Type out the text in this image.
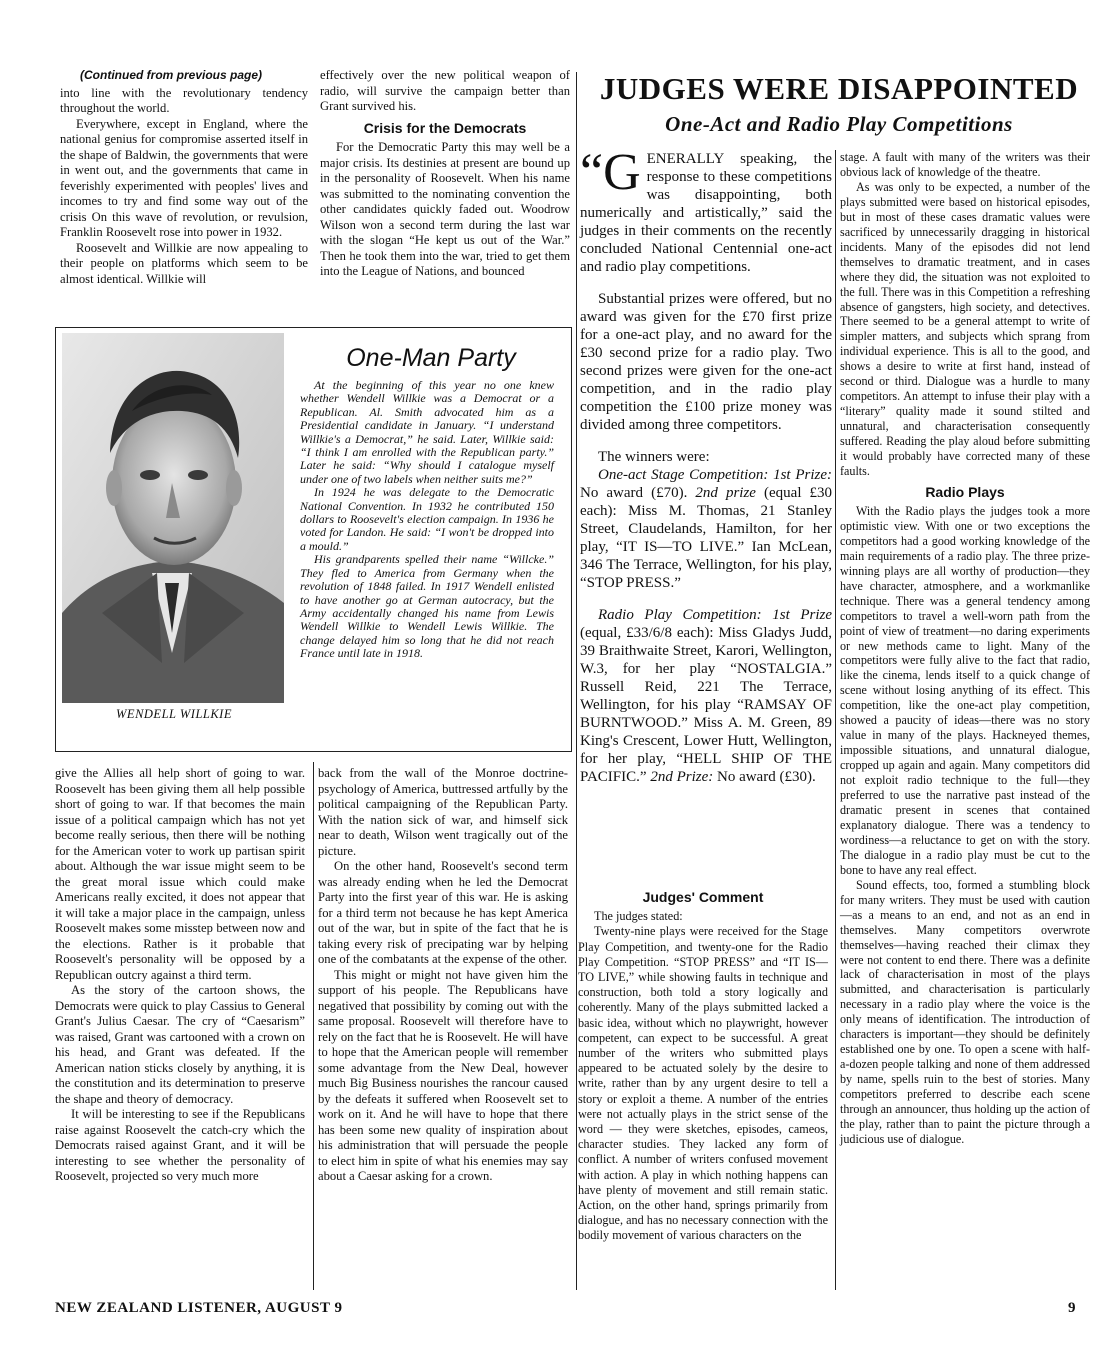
(Continued from previous page)

into line with the revolutionary tendency throughout the world.

Everywhere, except in England, where the national genius for compromise asserted itself in the shape of Baldwin, the governments that were in went out, and the governments that came in feverishly experimented with peoples' lives and incomes to try and find some way out of the crisis On this wave of revolution, or revulsion, Franklin Roosevelt rose into power in 1932.

Roosevelt and Willkie are now appealing to their people on platforms which seem to be almost identical. Willkie will

effectively over the new political weapon of radio, will survive the campaign better than Grant survived his.

Crisis for the Democrats

For the Democratic Party this may well be a major crisis. Its destinies at present are bound up in the personality of Roosevelt. When his name was submitted to the nominating convention the other candidates quickly faded out. Woodrow Wilson won a second term during the last war with the slogan “He kept us out of the War.” Then he took them into the war, tried to get them into the League of Nations, and bounced

WENDELL WILLKIE
One-Man Party

At the beginning of this year no one knew whether Wendell Willkie was a Democrat or a Republican. Al. Smith advocated him as a Presidential candidate in January. “I understand Willkie's a Democrat,” he said. Later, Willkie said: “I think I am enrolled with the Republican party.” Later he said: “Why should I catalogue myself under one of two labels when neither suits me?”

In 1924 he was delegate to the Democratic National Convention. In 1932 he contributed 150 dollars to Roosevelt's election campaign. In 1936 he voted for Landon. He said: “I won't be dropped into a mould.”

His grandparents spelled their name “Willcke.” They fled to America from Germany when the revolution of 1848 failed. In 1917 Wendell enlisted to have another go at German autocracy, but the Army accidentally changed his name from Lewis Wendell Willkie to Wendell Lewis Willkie. The change delayed him so long that he did not reach France until late in 1918.

give the Allies all help short of going to war. Roosevelt has been giving them all help possible short of going to war. If that becomes the main issue of a political campaign which has not yet become really serious, then there will be nothing for the American voter to work up partisan spirit about. Although the war issue might seem to be the great moral issue which could make Americans really excited, it does not appear that it will take a major place in the campaign, unless Roosevelt makes some misstep between now and the elections. Rather is it probable that Roosevelt's personality will be opposed by a Republican outcry against a third term.

As the story of the cartoon shows, the Democrats were quick to play Cassius to General Grant's Julius Caesar. The cry of “Caesarism” was raised, Grant was cartooned with a crown on his head, and Grant was defeated. If the American nation sticks closely by anything, it is the constitution and its determination to preserve the shape and theory of democracy.

It will be interesting to see if the Republicans raise against Roosevelt the catch-cry which the Democrats raised against Grant, and it will be interesting to see whether the personality of Roosevelt, projected so very much more

back from the wall of the Monroe doctrine-psychology of America, buttressed artfully by the political campaigning of the Republican Party. With the nation sick of war, and himself sick near to death, Wilson went tragically out of the picture.

On the other hand, Roosevelt's second term was already ending when he led the Democrat Party into the first year of this war. He is asking for a third term not because he has kept America out of the war, but in spite of the fact that he is taking every risk of precipating war by helping one of the combatants at the expense of the other.

This might or might not have given him the support of his people. The Republicans have negatived that possibility by coming out with the same proposal. Roosevelt will therefore have to rely on the fact that he is Roosevelt. He will have to hope that the American people will remember some advantage from the New Deal, however much Big Business nourishes the rancour caused by the defeats it suffered when Roosevelt set to work on it. And he will have to hope that there has been some new quality of inspiration about his administration that will persuade the people to elect him in spite of what his enemies may say about a Caesar asking for a crown.

JUDGES WERE DISAPPOINTED
One-Act and Radio Play Competitions

“GENERALLY speaking, the response to these competitions was disappointing, both numerically and artistically,” said the judges in their comments on the recently concluded National Centennial one-act and radio play competitions.

Substantial prizes were offered, but no award was given for the £70 first prize for a one-act play, and no award for the £30 second prize for a radio play. Two second prizes were given for the one-act competition, and in the radio play competition the £100 prize money was divided among three competitors.

The winners were:

One-act Stage Competition: 1st Prize: No award (£70). 2nd prize (equal £30 each): Miss M. Thomas, 21 Stanley Street, Claudelands, Hamilton, for her play, “IT IS—TO LIVE.” Ian McLean, 346 The Terrace, Wellington, for his play, “STOP PRESS.”

Radio Play Competition: 1st Prize (equal, £33/6/8 each): Miss Gladys Judd, 39 Braithwaite Street, Karori, Wellington, W.3, for her play “NOSTALGIA.” Russell Reid, 221 The Terrace, Wellington, for his play “RAMSAY OF BURNTWOOD.” Miss A. M. Green, 89 King's Crescent, Lower Hutt, Wellington, for her play, “HELL SHIP OF THE PACIFIC.” 2nd Prize: No award (£30).

Judges' Comment

The judges stated:

Twenty-nine plays were received for the Stage Play Competition, and twenty-one for the Radio Play Competition. “STOP PRESS” and “IT IS—TO LIVE,” while showing faults in technique and construction, both told a story logically and coherently. Many of the plays submitted lacked a basic idea, without which no playwright, however competent, can expect to be successful. A great number of the writers who submitted plays appeared to be actuated solely by the desire to write, rather than by any urgent desire to tell a story or exploit a theme. A number of the entries were not actually plays in the strict sense of the word — they were sketches, episodes, cameos, character studies. They lacked any form of conflict. A number of writers confused movement with action. A play in which nothing happens can have plenty of movement and still remain static. Action, on the other hand, springs primarily from dialogue, and has no necessary connection with the bodily movement of various characters on the

stage. A fault with many of the writers was their obvious lack of knowledge of the theatre.

As was only to be expected, a number of the plays submitted were based on historical episodes, but in most of these cases dramatic values were sacrificed by unnecessarily dragging in historical incidents. Many of the episodes did not lend themselves to dramatic treatment, and in cases where they did, the situation was not exploited to the full. There was in this Competition a refreshing absence of gangsters, high society, and detectives. There seemed to be a general attempt to write of simpler matters, and subjects which sprang from individual experience. This is all to the good, and shows a desire to write at first hand, instead of second or third. Dialogue was a hurdle to many competitors. An attempt to infuse their play with a “literary” quality made it sound stilted and unnatural, and characterisation consequently suffered. Reading the play aloud before submitting it would probably have corrected many of these faults.

Radio Plays

With the Radio plays the judges took a more optimistic view. With one or two exceptions the competitors had a good working knowledge of the main requirements of a radio play. The three prize-winning plays are all worthy of production—they have character, atmosphere, and a workmanlike technique. There was a general tendency among competitors to travel a well-worn path from the point of view of treatment—no daring experiments or new methods came to light. Many of the competitors were fully alive to the fact that radio, like the cinema, lends itself to a quick change of scene without losing anything of its effect. This competition, like the one-act play competition, showed a paucity of ideas—there was no story value in many of the plays. Hackneyed themes, impossible situations, and unnatural dialogue, cropped up again and again. Many competitors did not exploit radio technique to the full—they preferred to use the narrative past instead of the dramatic present in scenes that contained explanatory dialogue. There was a tendency to wordiness—a reluctance to get on with the story. The dialogue in a radio play must be cut to the bone to have any real effect.

Sound effects, too, formed a stumbling block for many writers. They must be used with caution—as a means to an end, and not as an end in themselves. Many competitors overwrote themselves—having reached their climax they were not content to end there. There was a definite lack of characterisation in most of the plays submitted, and characterisation is particularly necessary in a radio play where the voice is the only means of identification. The introduction of characters is important—they should be definitely established one by one. To open a scene with half-a-dozen people talking and none of them addressed by name, spells ruin to the best of stories. Many competitors preferred to describe each scene through an announcer, thus holding up the action of the play, rather than to paint the picture through a judicious use of dialogue.

NEW ZEALAND LISTENER, AUGUST 9	9
